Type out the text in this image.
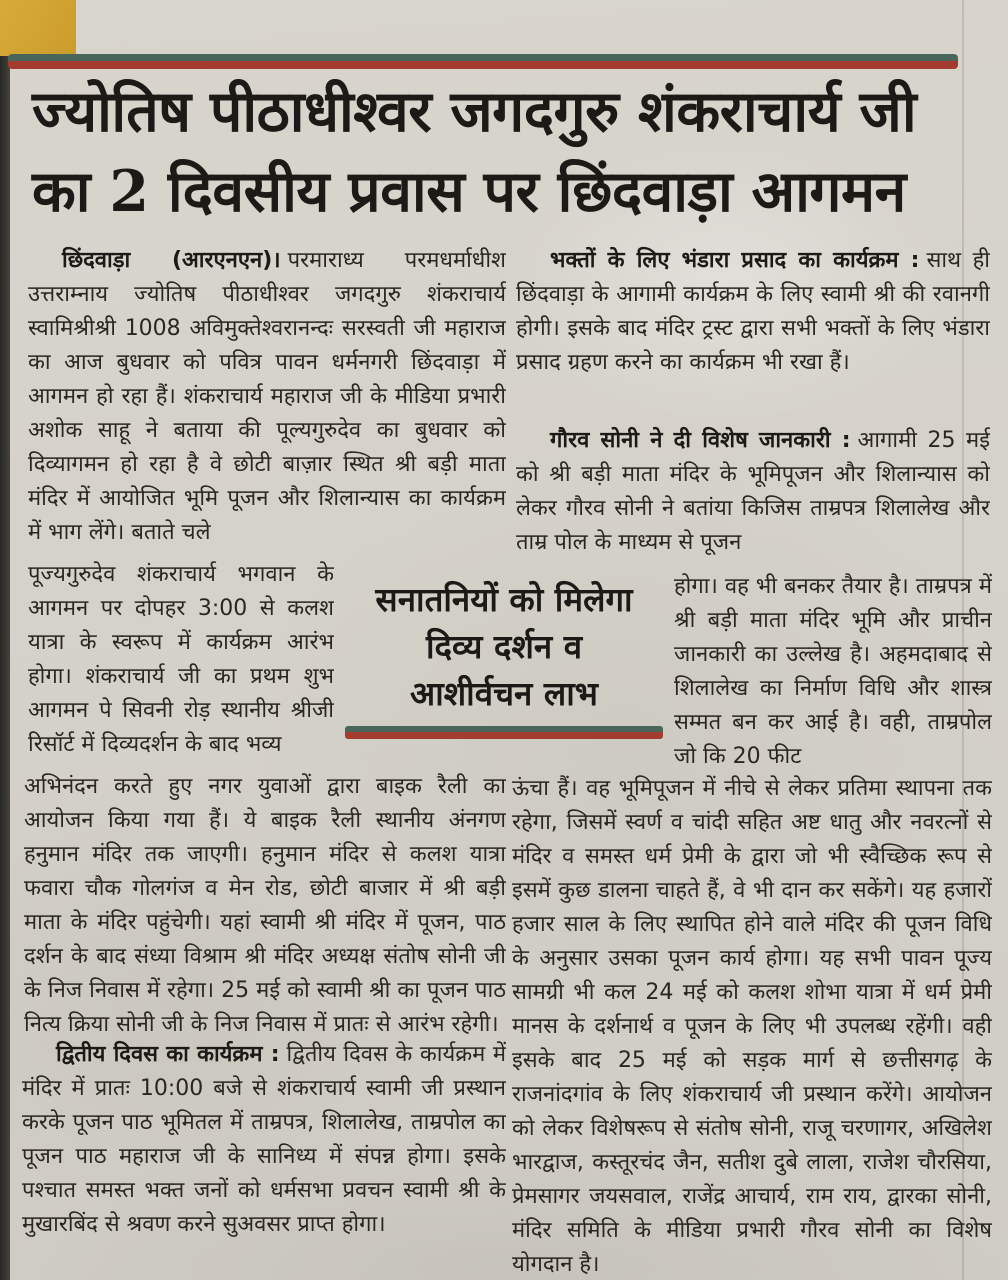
ज्योतिष पीठाधीश्वर जगदगुरु शंकराचार्य जी
का 2 दिवसीय प्रवास पर छिंदवाड़ा आगमन

छिंदवाड़ा (आरएनएन)। परमाराध्य परमधर्माधीश उत्तराम्नाय ज्योतिष पीठाधीश्वर जगदगुरु शंकराचार्य स्वामिश्रीश्री 1008 अविमुक्तेश्वरानन्दः सरस्वती जी महाराज का आज बुधवार को पवित्र पावन धर्मनगरी छिंदवाड़ा में आगमन हो रहा हैं। शंकराचार्य महाराज जी के मीडिया प्रभारी अशोक साहू ने बताया की पूल्यगुरुदेव का बुधवार को दिव्यागमन हो रहा है वे छोटी बाज़ार स्थित श्री बड़ी माता मंदिर में आयोजित भूमि पूजन और शिलान्यास का कार्यक्रम में भाग लेंगे। बताते चले

पूज्यगुरुदेव शंकराचार्य भगवान के आगमन पर दोपहर 3:00 से कलश यात्रा के स्वरूप में कार्यक्रम आरंभ होगा। शंकराचार्य जी का प्रथम शुभ आगमन पे सिवनी रोड़ स्थानीय श्रीजी रिसॉर्ट में दिव्यदर्शन के बाद भव्य

अभिनंदन करते हुए नगर युवाओं द्वारा बाइक रैली का आयोजन किया गया हैं। ये बाइक रैली स्थानीय अंनगण हनुमान मंदिर तक जाएगी। हनुमान मंदिर से कलश यात्रा फवारा चौक गोलगंज व मेन रोड, छोटी बाजार में श्री बड़ी माता के मंदिर पहुंचेगी। यहां स्वामी श्री मंदिर में पूजन, पाठ दर्शन के बाद संध्या विश्राम श्री मंदिर अध्यक्ष संतोष सोनी जी के निज निवास में रहेगा। 25 मई को स्वामी श्री का पूजन पाठ नित्य क्रिया सोनी जी के निज निवास में प्रातः से आरंभ रहेगी।

द्वितीय दिवस का कार्यक्रम : द्वितीय दिवस के कार्यक्रम में मंदिर में प्रातः 10:00 बजे से शंकराचार्य स्वामी जी प्रस्थान करके पूजन पाठ भूमितल में ताम्रपत्र, शिलालेख, ताम्रपोल का पूजन पाठ महाराज जी के सानिध्य में संपन्न होगा। इसके पश्चात समस्त भक्त जनों को धर्मसभा प्रवचन स्वामी श्री के मुखारबिंद से श्रवण करने सुअवसर प्राप्त होगा।

भक्तों के लिए भंडारा प्रसाद का कार्यक्रम : साथ ही छिंदवाड़ा के आगामी कार्यक्रम के लिए स्वामी श्री की रवानगी होगी। इसके बाद मंदिर ट्रस्ट द्वारा सभी भक्तों के लिए भंडारा प्रसाद ग्रहण करने का कार्यक्रम भी रखा हैं।

गौरव सोनी ने दी विशेष जानकारी : आगामी 25 मई को श्री बड़ी माता मंदिर के भूमिपूजन और शिलान्यास को लेकर गौरव सोनी ने बतांया किजिस ताम्रपत्र शिलालेख और ताम्र पोल के माध्यम से पूजन

होगा। वह भी बनकर तैयार है। ताम्रपत्र में श्री बड़ी माता मंदिर भूमि और प्राचीन जानकारी का उल्लेख है। अहमदाबाद से शिलालेख का निर्माण विधि और शास्त्र सम्मत बन कर आई है। वही, ताम्रपोल जो कि 20 फीट

ऊंचा हैं। वह भूमिपूजन में नीचे से लेकर प्रतिमा स्थापना तक रहेगा, जिसमें स्वर्ण व चांदी सहित अष्ट धातु और नवरत्नों से मंदिर व समस्त धर्म प्रेमी के द्वारा जो भी स्वैच्छिक रूप से इसमें कुछ डालना चाहते हैं, वे भी दान कर सकेंगे। यह हजारों हजार साल के लिए स्थापित होने वाले मंदिर की पूजन विधि के अनुसार उसका पूजन कार्य होगा। यह सभी पावन पूज्य सामग्री भी कल 24 मई को कलश शोभा यात्रा में धर्म प्रेमी मानस के दर्शनार्थ व पूजन के लिए भी उपलब्ध रहेंगी। वही इसके बाद 25 मई को सड़क मार्ग से छत्तीसगढ़ के राजनांदगांव के लिए शंकराचार्य जी प्रस्थान करेंगे। आयोजन को लेकर विशेषरूप से संतोष सोनी, राजू चरणागर, अखिलेश भारद्वाज, कस्तूरचंद जैन, सतीश दुबे लाला, राजेश चौरसिया, प्रेमसागर जयसवाल, राजेंद्र आचार्य, राम राय, द्वारका सोनी, मंदिर समिति के मीडिया प्रभारी गौरव सोनी का विशेष योगदान है।

सनातनियों को मिलेगा
दिव्य दर्शन व
आशीर्वचन लाभ
